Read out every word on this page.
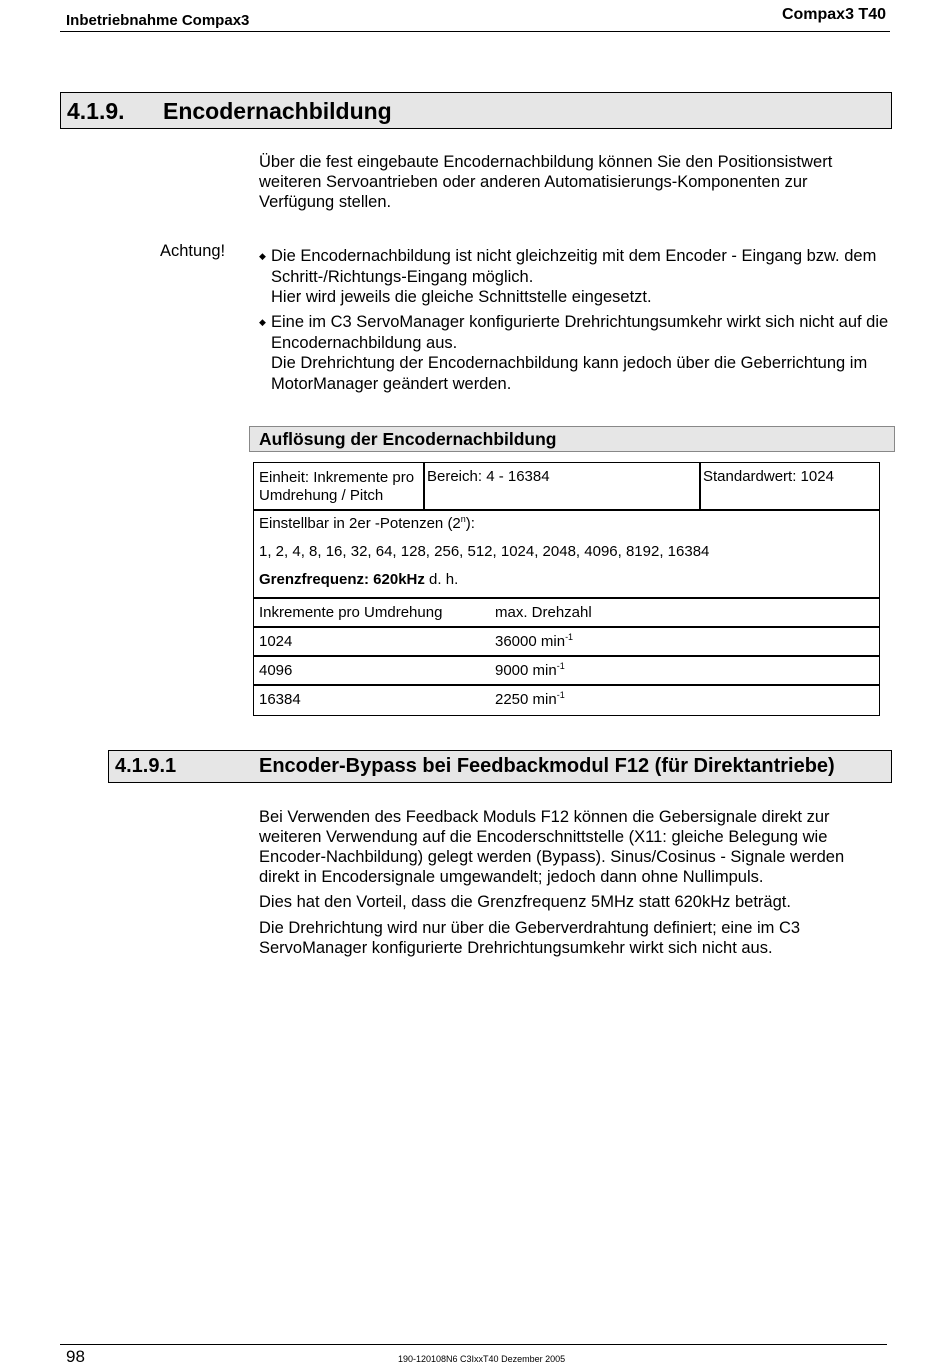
Inbetriebnahme Compax3	Compax3 T40
4.1.9. Encodernachbildung
Über die fest eingebaute Encodernachbildung können Sie den Positionsistwert weiteren Servoantrieben oder anderen Automatisierungs-Komponenten zur Verfügung stellen.
Achtung!	◆ Die Encodernachbildung ist nicht gleichzeitig mit dem Encoder - Eingang bzw. dem Schritt-/Richtungs-Eingang möglich.
Hier wird jeweils die gleiche Schnittstelle eingesetzt.
◆ Eine im C3 ServoManager konfigurierte Drehrichtungsumkehr wirkt sich nicht auf die Encodernachbildung aus.
Die Drehrichtung der Encodernachbildung kann jedoch über die Geberrichtung im MotorManager geändert werden.
Auflösung der Encodernachbildung
Einheit: Inkremente pro Umdrehung / Pitch
Bereich: 4 - 16384	Standardwert: 1024
Einstellbar in 2er -Potenzen (2$^n$):
1, 2, 4, 8, 16, 32, 64, 128, 256, 512, 1024, 2048, 4096, 8192, 16384
Grenzfrequenz: 620kHz d. h.
Inkremente pro Umdrehung	max. Drehzahl
1024	36000 $\min^{-1}$
4096	9000 $\min^{-1}$
16384	2250 $\min^{-1}$
4.1.9.1	Encoder-Bypass bei Feedbackmodul F12 (für Direktantriebe)
Bei Verwenden des Feedback Moduls F12 können die Gebersignale direkt zur weiteren Verwendung auf die Encoderschnittstelle (X11: gleiche Belegung wie Encoder-Nachbildung) gelegt werden (Bypass). Sinus/Cosinus - Signale werden direkt in Encodersignale umgewandelt; jedoch dann ohne Nullimpuls.
Dies hat den Vorteil, dass die Grenzfrequenz 5MHz statt 620kHz beträgt.
Die Drehrichtung wird nur über die Geberverdrahtung definiert; eine im C3 ServoManager konfigurierte Drehrichtungsumkehr wirkt sich nicht aus.
98	190-120108N6 C3IxxT40 Dezember 2005
